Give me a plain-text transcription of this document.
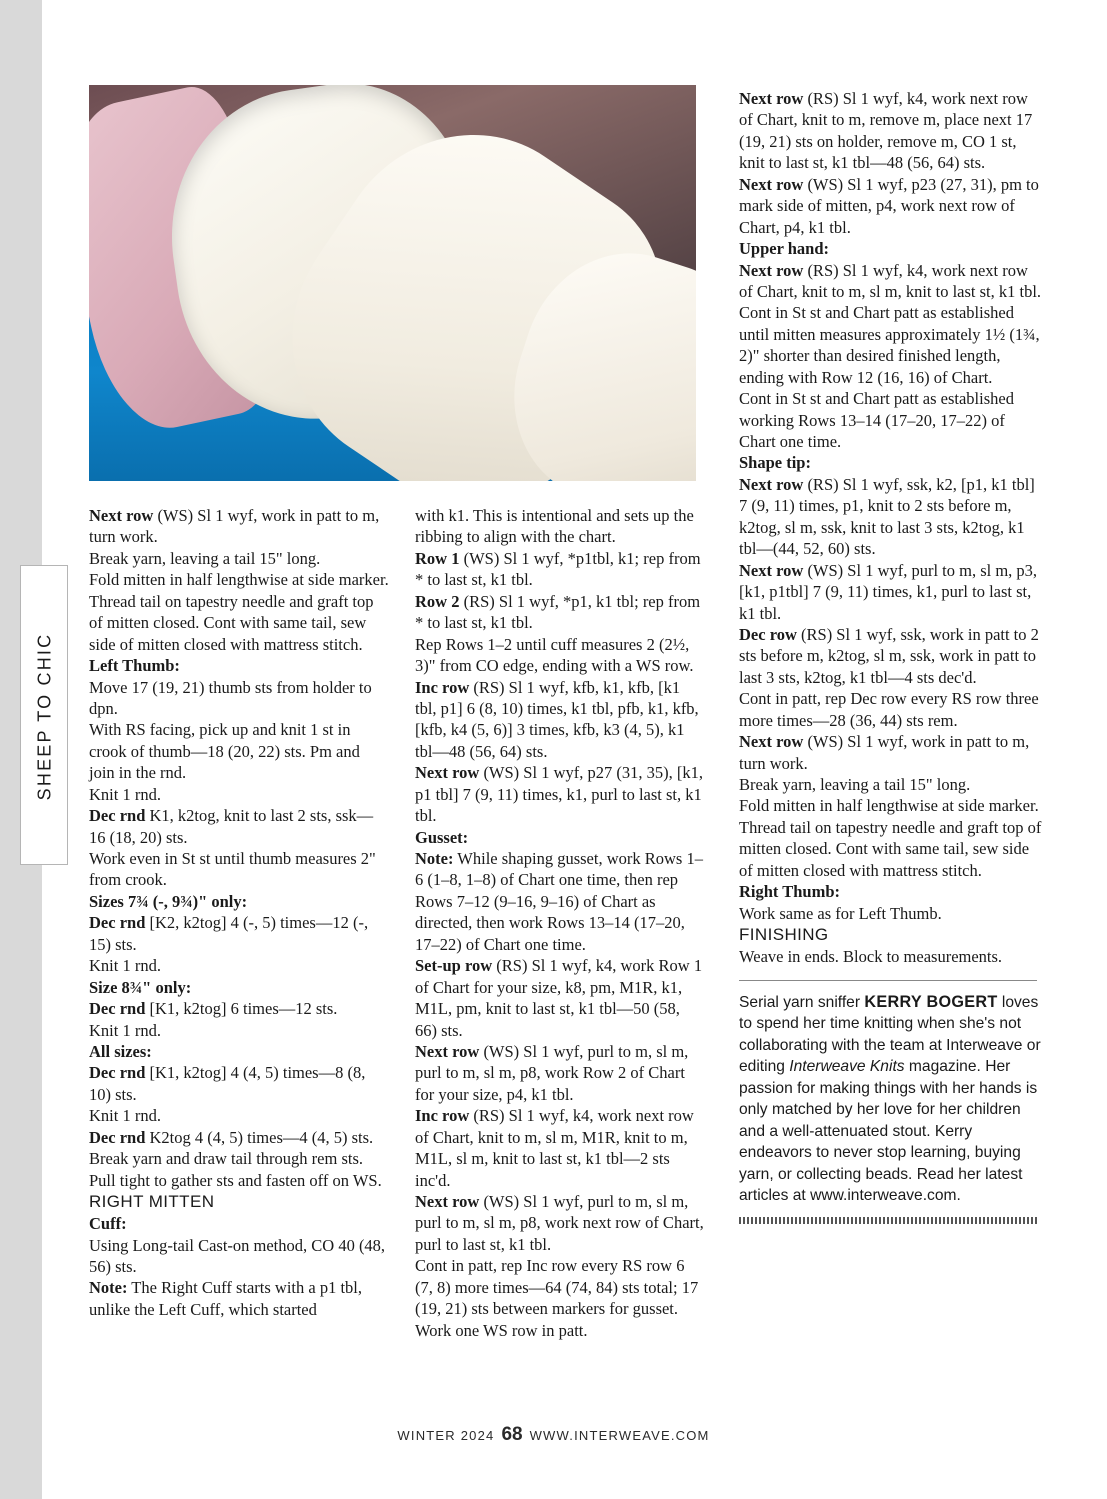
SHEEP TO CHIC

Next row (WS) Sl 1 wyf, work in patt to m, turn work.

Break yarn, leaving a tail 15" long.

Fold mitten in half lengthwise at side marker. Thread tail on tapestry needle and graft top of mitten closed. Cont with same tail, sew side of mitten closed with mattress stitch.

Left Thumb:

Move 17 (19, 21) thumb sts from holder to dpn.

With RS facing, pick up and knit 1 st in crook of thumb—18 (20, 22) sts. Pm and join in the rnd.

Knit 1 rnd.

Dec rnd K1, k2tog, knit to last 2 sts, ssk—16 (18, 20) sts.

Work even in St st until thumb measures 2" from crook.

Sizes 7¾ (-, 9¾)" only:

Dec rnd [K2, k2tog] 4 (-, 5) times—12 (-, 15) sts.

Knit 1 rnd.

Size 8¾" only:

Dec rnd [K1, k2tog] 6 times—12 sts.

Knit 1 rnd.

All sizes:

Dec rnd [K1, k2tog] 4 (4, 5) times—8 (8, 10) sts.

Knit 1 rnd.

Dec rnd K2tog 4 (4, 5) times—4 (4, 5) sts.

Break yarn and draw tail through rem sts. Pull tight to gather sts and fasten off on WS.

RIGHT MITTEN

Cuff:

Using Long-tail Cast-on method, CO 40 (48, 56) sts.

Note: The Right Cuff starts with a p1 tbl, unlike the Left Cuff, which started

with k1. This is intentional and sets up the ribbing to align with the chart.

Row 1 (WS) Sl 1 wyf, *p1tbl, k1; rep from * to last st, k1 tbl.

Row 2 (RS) Sl 1 wyf, *p1, k1 tbl; rep from * to last st, k1 tbl.

Rep Rows 1–2 until cuff measures 2 (2½, 3)" from CO edge, ending with a WS row.

Inc row (RS) Sl 1 wyf, kfb, k1, kfb, [k1 tbl, p1] 6 (8, 10) times, k1 tbl, pfb, k1, kfb, [kfb, k4 (5, 6)] 3 times, kfb, k3 (4, 5), k1 tbl—48 (56, 64) sts.

Next row (WS) Sl 1 wyf, p27 (31, 35), [k1, p1 tbl] 7 (9, 11) times, k1, purl to last st, k1 tbl.

Gusset:

Note: While shaping gusset, work Rows 1–6 (1–8, 1–8) of Chart one time, then rep Rows 7–12 (9–16, 9–16) of Chart as directed, then work Rows 13–14 (17–20, 17–22) of Chart one time.

Set-up row (RS) Sl 1 wyf, k4, work Row 1 of Chart for your size, k8, pm, M1R, k1, M1L, pm, knit to last st, k1 tbl—50 (58, 66) sts.

Next row (WS) Sl 1 wyf, purl to m, sl m, purl to m, sl m, p8, work Row 2 of Chart for your size, p4, k1 tbl.

Inc row (RS) Sl 1 wyf, k4, work next row of Chart, knit to m, sl m, M1R, knit to m, M1L, sl m, knit to last st, k1 tbl—2 sts inc'd.

Next row (WS) Sl 1 wyf, purl to m, sl m, purl to m, sl m, p8, work next row of Chart, purl to last st, k1 tbl.

Cont in patt, rep Inc row every RS row 6 (7, 8) more times—64 (74, 84) sts total; 17 (19, 21) sts between markers for gusset.

Work one WS row in patt.

Next row (RS) Sl 1 wyf, k4, work next row of Chart, knit to m, remove m, place next 17 (19, 21) sts on holder, remove m, CO 1 st, knit to last st, k1 tbl—48 (56, 64) sts.

Next row (WS) Sl 1 wyf, p23 (27, 31), pm to mark side of mitten, p4, work next row of Chart, p4, k1 tbl.

Upper hand:

Next row (RS) Sl 1 wyf, k4, work next row of Chart, knit to m, sl m, knit to last st, k1 tbl.

Cont in St st and Chart patt as established until mitten measures approximately 1½ (1¾, 2)" shorter than desired finished length, ending with Row 12 (16, 16) of Chart.

Cont in St st and Chart patt as established working Rows 13–14 (17–20, 17–22) of Chart one time.

Shape tip:

Next row (RS) Sl 1 wyf, ssk, k2, [p1, k1 tbl] 7 (9, 11) times, p1, knit to 2 sts before m, k2tog, sl m, ssk, knit to last 3 sts, k2tog, k1 tbl—(44, 52, 60) sts.

Next row (WS) Sl 1 wyf, purl to m, sl m, p3, [k1, p1tbl] 7 (9, 11) times, k1, purl to last st, k1 tbl.

Dec row (RS) Sl 1 wyf, ssk, work in patt to 2 sts before m, k2tog, sl m, ssk, work in patt to last 3 sts, k2tog, k1 tbl—4 sts dec'd.

Cont in patt, rep Dec row every RS row three more times—28 (36, 44) sts rem.

Next row (WS) Sl 1 wyf, work in patt to m, turn work.

Break yarn, leaving a tail 15" long.

Fold mitten in half lengthwise at side marker. Thread tail on tapestry needle and graft top of mitten closed. Cont with same tail, sew side of mitten closed with mattress stitch.

Right Thumb:

Work same as for Left Thumb.

FINISHING

Weave in ends. Block to measurements.

Serial yarn sniffer KERRY BOGERT loves to spend her time knitting when she's not collaborating with the team at Interweave or editing Interweave Knits magazine. Her passion for making things with her hands is only matched by her love for her children and a well-attenuated stout. Kerry endeavors to never stop learning, buying yarn, or collecting beads. Read her latest articles at www.interweave.com.

WINTER 2024 68 WWW.INTERWEAVE.COM
